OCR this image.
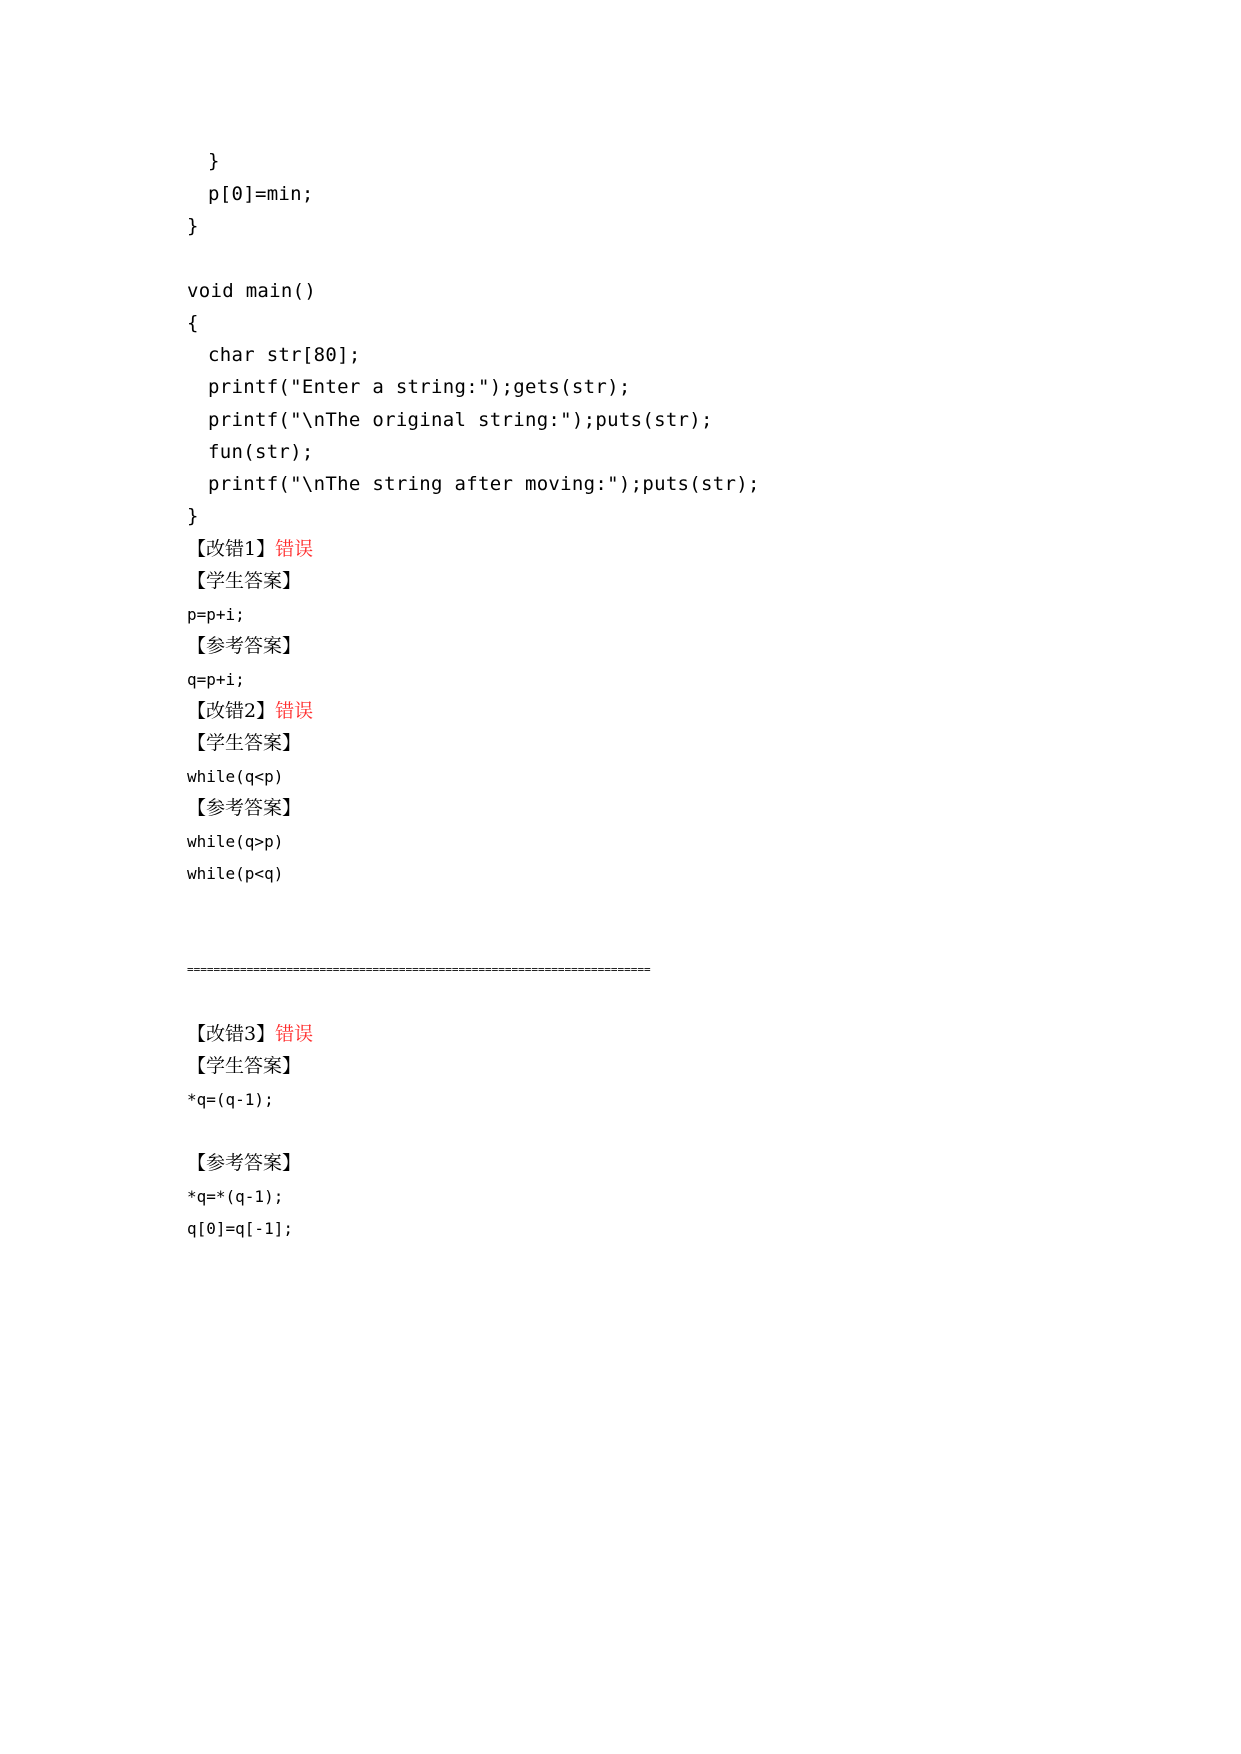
}
p[0]=min;
}
void main()
{
char str[80];
printf("Enter a string:");gets(str);
printf("\nThe original string:");puts(str);
fun(str);
printf("\nThe string after moving:");puts(str);
}
【改错1】错误
【学生答案】
p=p+i;
【参考答案】
q=p+i;
【改错2】错误
【学生答案】
while(q<p)
【参考答案】
while(q>p)
while(p<q)
======================================================================
【改错3】错误
【学生答案】
*q=(q-1);
【参考答案】
*q=*(q-1);
q[0]=q[-1];
